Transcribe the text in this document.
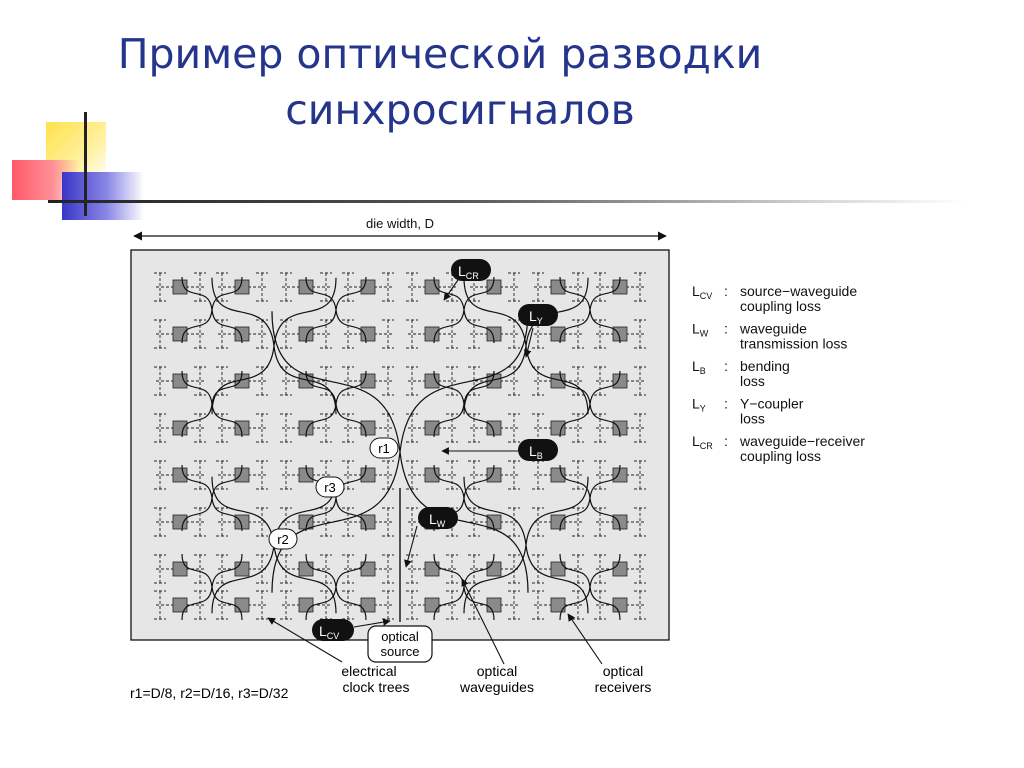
Пример оптической разводки
синхросигналов
die width, D
r1
r3
r2
$L_{CR}$
$L_Y$
$L_B$
$L_W$
$L_{CV}$	optical
source
electrical
clock trees
optical
waveguides
optical
receivers
r1=D/8, r2=D/16, r3=D/32
$L_{CV}$ : source−waveguide
coupling loss
$L_W$ : waveguide
transmission loss
$L_B$ : bending
loss
$L_Y$ : Y−coupler
loss
$L_{CR}$ : waveguide−receiver
coupling loss
